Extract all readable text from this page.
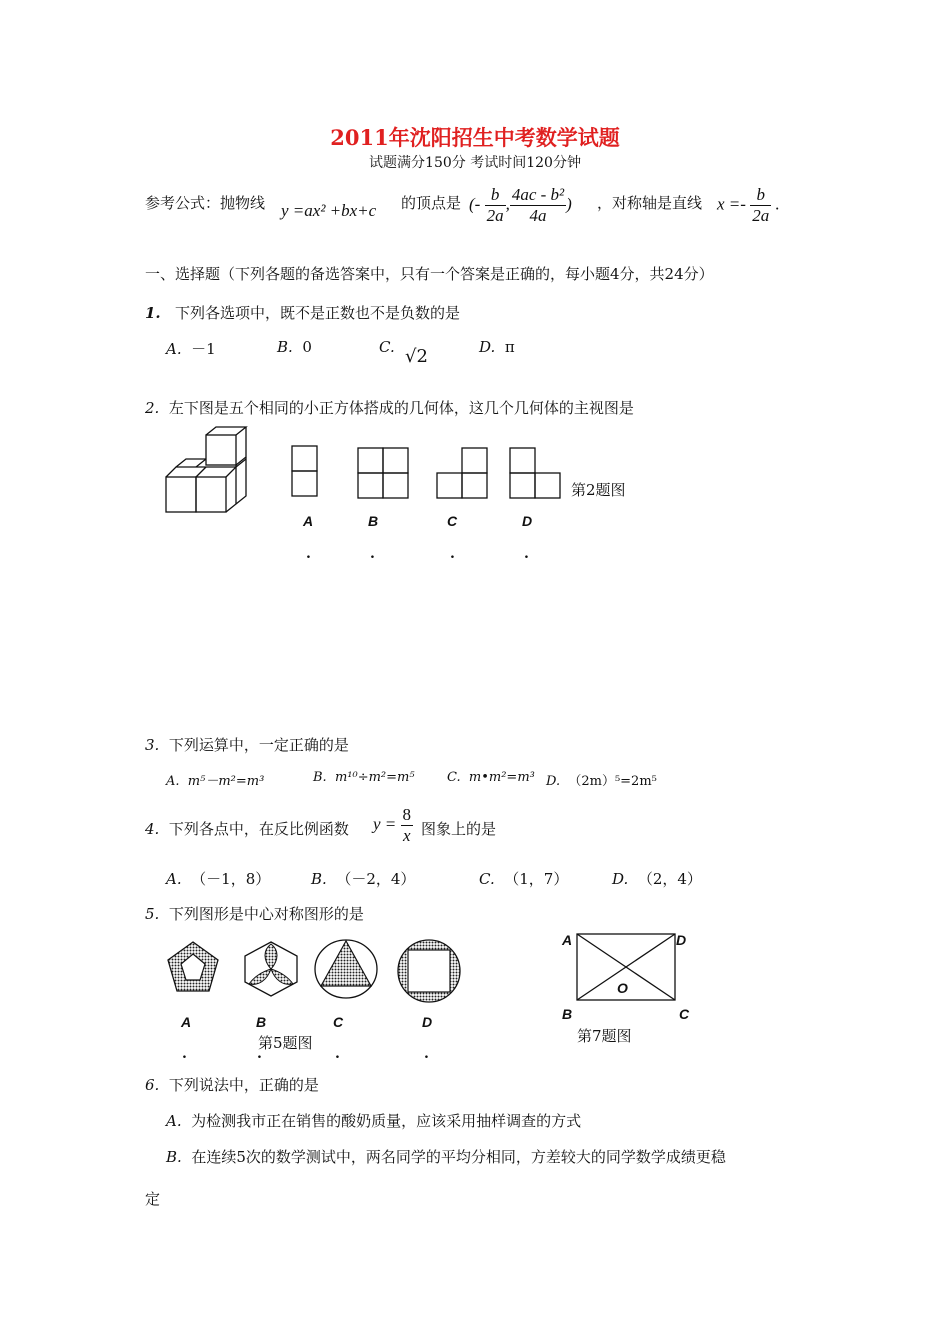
2011年沈阳招生中考数学试题
试题满分150分 考试时间120分钟
参考公式：抛物线 y =ax² +bx+c 的顶点是 (- $\frac{b}{2a}$ , $\frac{\text{4ac - b²}}{4a}$ ) ，对称轴是直线 $x =- \frac{b}{2a}$ .
一、选择题（下列各题的备选答案中，只有一个答案是正确的，每小题4分，共24分）
1. 下列各选项中，既不是正数也不是负数的是
A. －1	B. 0	C. √2	D. π
2. 左下图是五个相同的小正方体搭成的几何体，这几个几何体的主视图是
第2题图
A	B	C	D
.	.	.	.
3. 下列运算中，一定正确的是
A. m⁵－m²=m³	B. m¹⁰÷m²=m⁵ C. m•m²=m³ D. （2m）⁵=2m⁵
4. 下列各点中，在反比例函数 $y = \frac{8}{x}$ 图象上的是
A. （－1，8）	B. （－2，4）	C. （1，7）	D. （2，4）
5. 下列图形是中心对称图形的是
A	B	C	D
第5题图
.	.	.	.
A	D
O
B	C
第7题图
6. 下列说法中，正确的是
A. 为检测我市正在销售的酸奶质量，应该采用抽样调查的方式
B. 在连续5次的数学测试中，两名同学的平均分相同，方差较大的同学数学成绩更稳
定
